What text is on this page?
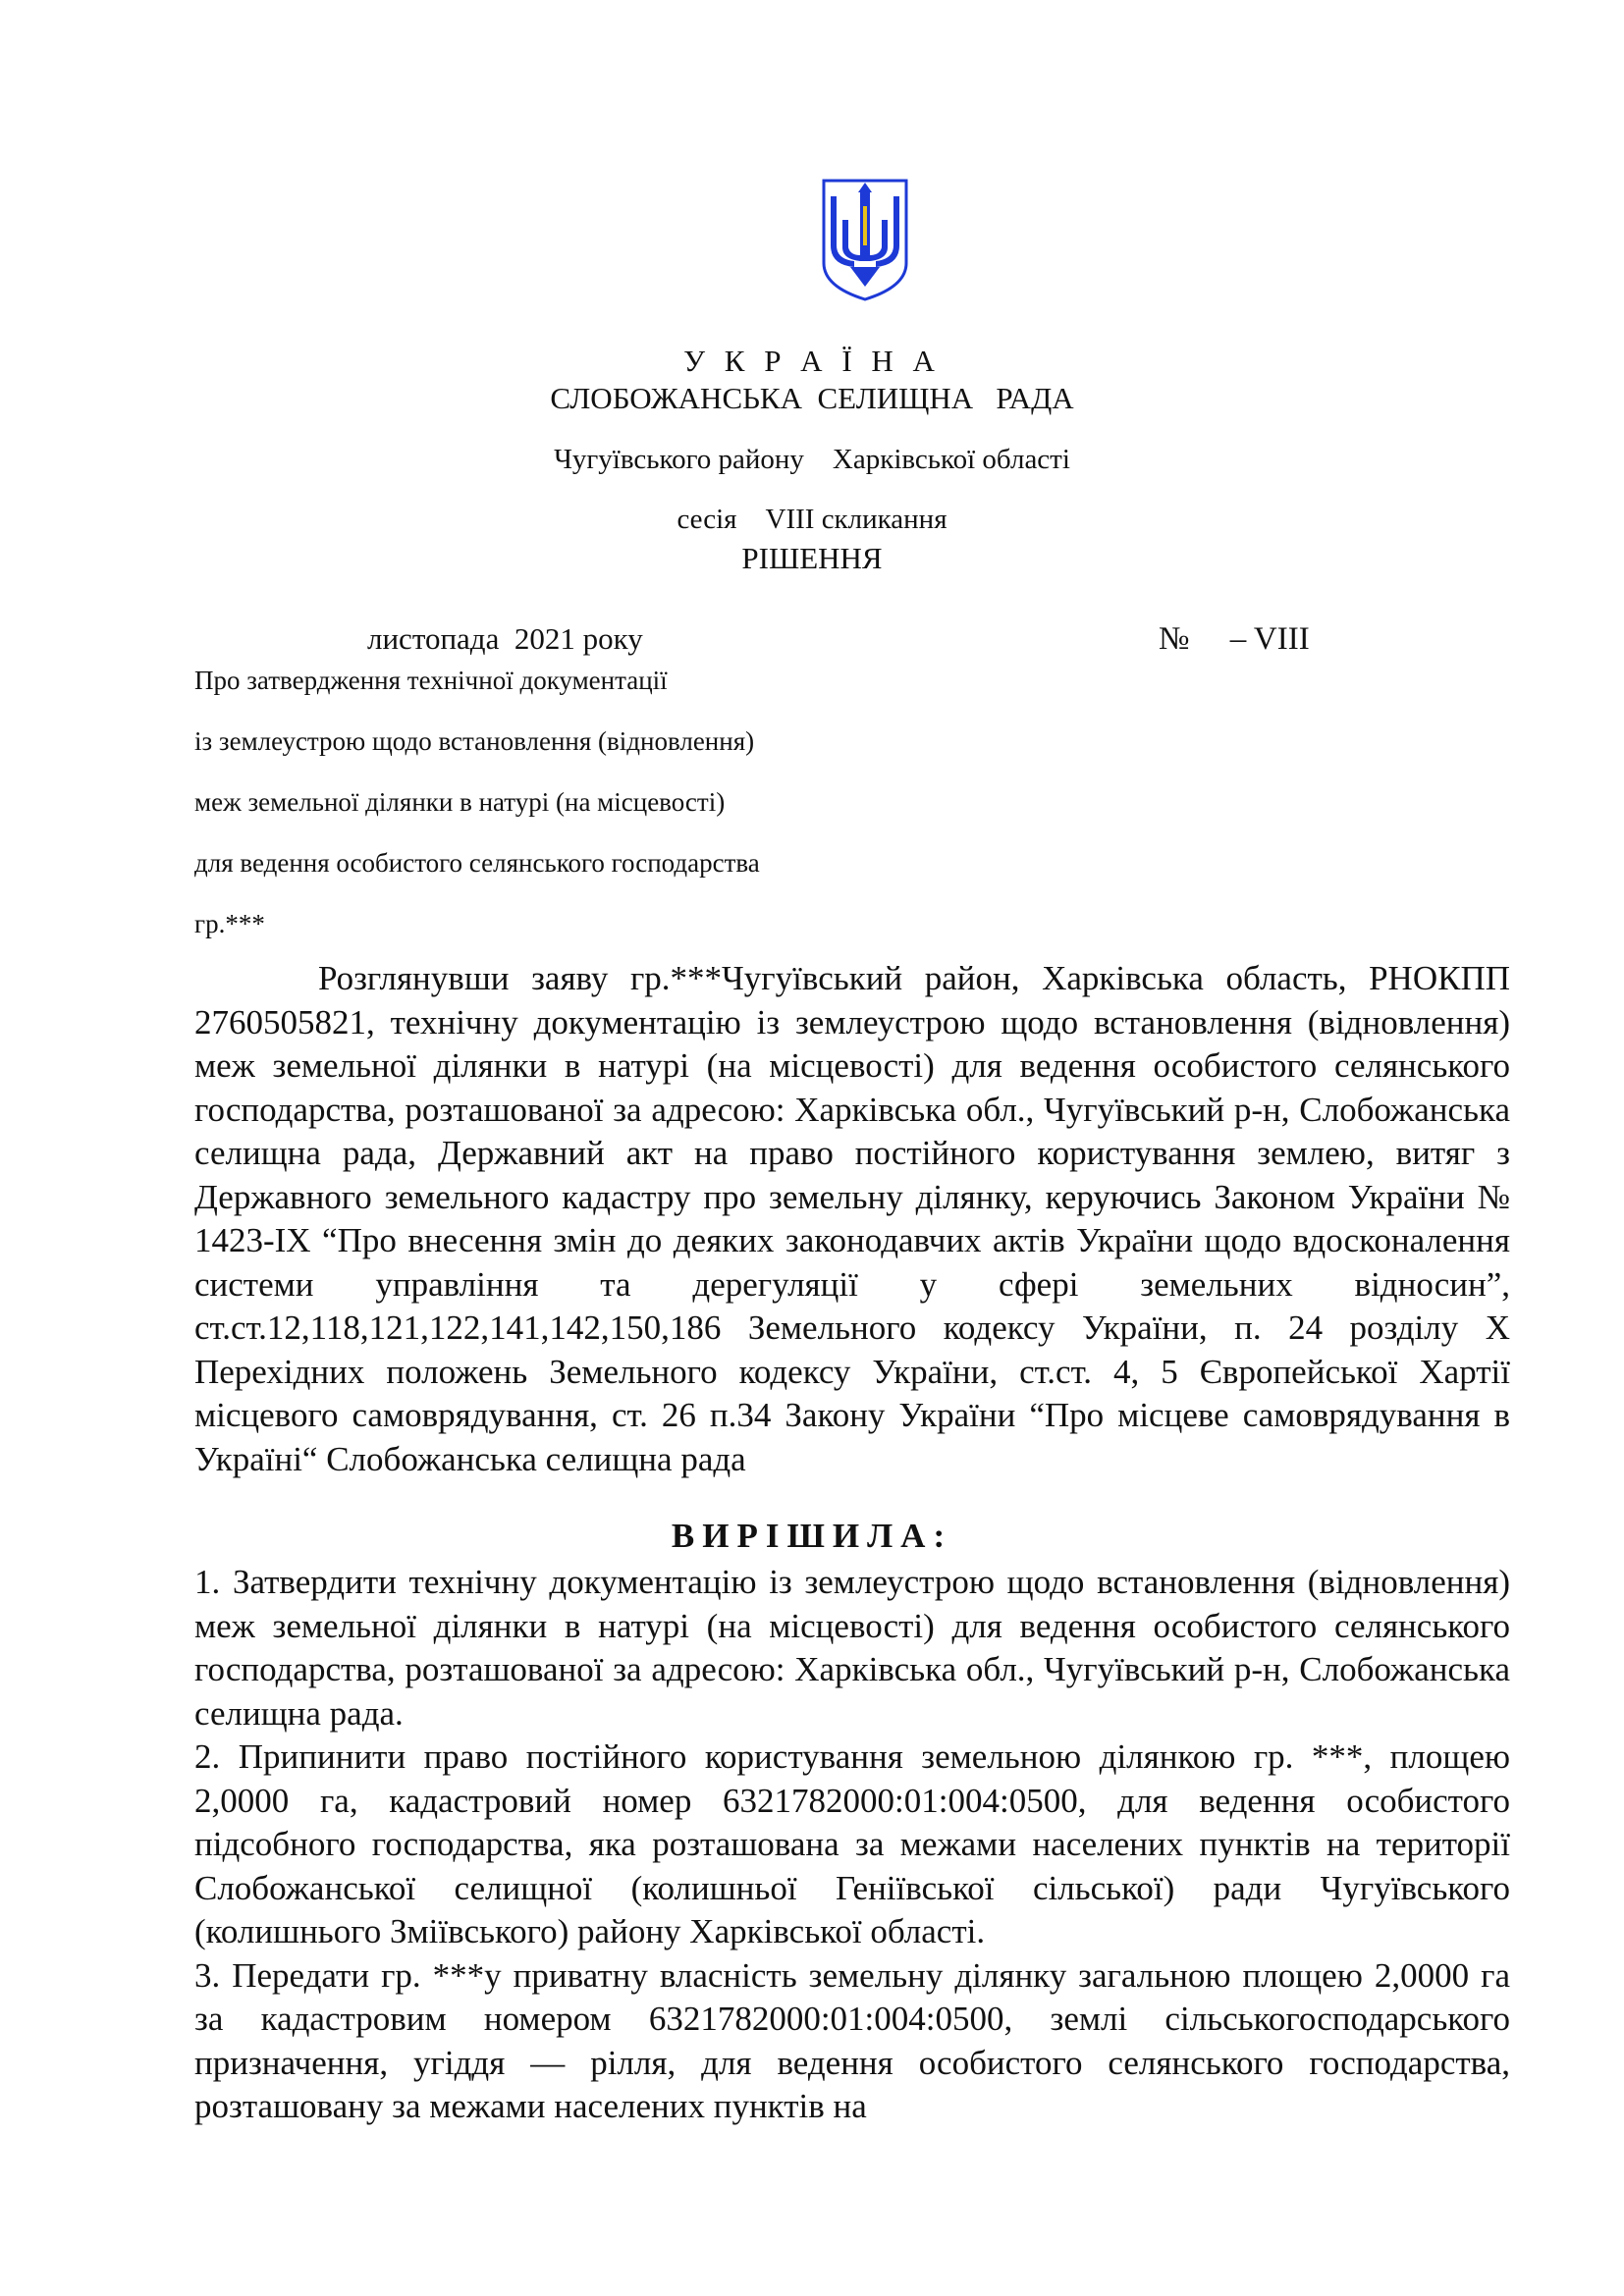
У К Р А Ї Н А
СЛОБОЖАНСЬКА  СЕЛИЩНА   РАДА
Чугуївського району    Харківської області
сесія    VIII скликання
РІШЕННЯ
листопада  2021 року	№     – VIII
Про затвердження технічної документації
із землеустрою щодо встановлення (відновлення)
меж земельної ділянки в натурі (на місцевості)
для ведення особистого селянського господарства
гр.***
Розглянувши заяву гр.***Чугуївський район, Харківська область, РНОКПП 2760505821, технічну документацію із землеустрою щодо встановлення (відновлення) меж земельної ділянки в натурі (на місцевості) для ведення особистого селянського господарства, розташованої за адресою: Харківська обл., Чугуївський р-н, Слобожанська селищна рада, Державний акт на право постійного користування землею, витяг з Державного земельного кадастру про земельну ділянку, керуючись Законом України № 1423-IX “Про внесення змін до деяких законодавчих актів України щодо вдосконалення системи управління та дерегуляції у сфері земельних відносин”, ст.ст.12,118,121,122,141,142,150,186 Земельного кодексу України, п. 24 розділу Х Перехідних положень Земельного кодексу України, ст.ст. 4, 5 Європейської Хартії місцевого самоврядування, ст. 26 п.34 Закону України “Про місцеве самоврядування в Україні“ Слобожанська селищна рада
ВИРІШИЛА:

1. Затвердити технічну документацію із землеустрою щодо встановлення (відновлення) меж земельної ділянки в натурі (на місцевості) для ведення особистого селянського господарства, розташованої за адресою: Харківська обл., Чугуївський р-н, Слобожанська селищна рада.

2. Припинити право постійного користування земельною ділянкою гр. ***, площею 2,0000 га, кадастровий номер 6321782000:01:004:0500, для ведення особистого підсобного господарства, яка розташована за межами населених пунктів на території Слобожанської селищної (колишньої Геніївської сільської) ради Чугуївського (колишнього Зміївського) району Харківської області.

3. Передати гр. ***у приватну власність земельну ділянку загальною площею 2,0000 га за кадастровим номером 6321782000:01:004:0500, землі сільськогосподарського призначення, угіддя — рілля, для ведення особистого селянського господарства, розташовану за межами населених пунктів на
